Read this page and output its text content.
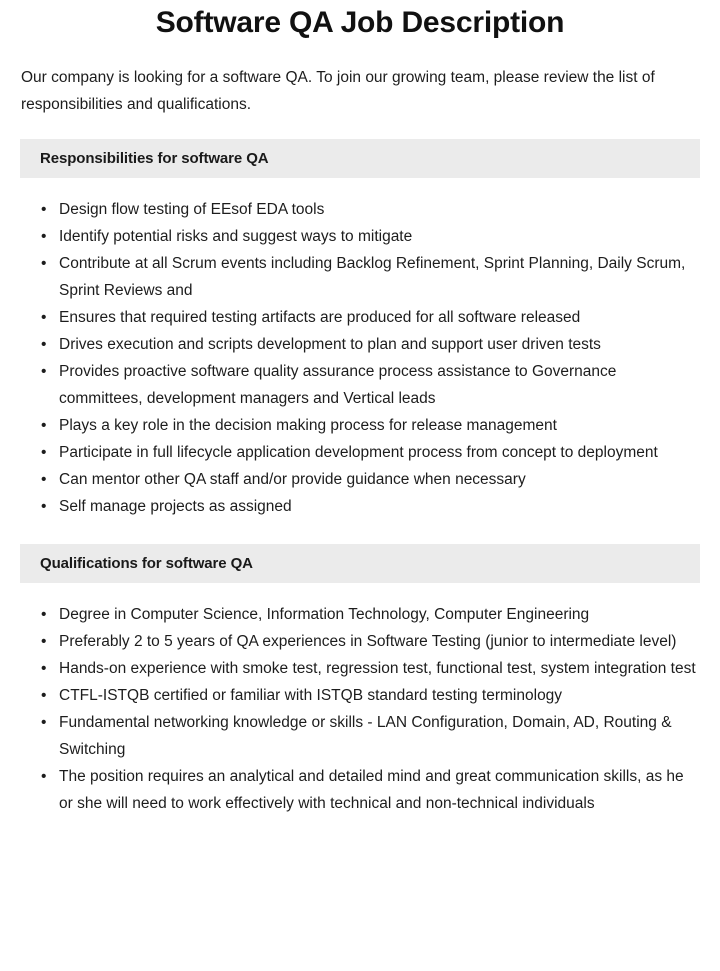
Software QA Job Description

Our company is looking for a software QA. To join our growing team, please review the list of responsibilities and qualifications.

Responsibilities for software QA
• Design flow testing of EEsof EDA tools
• Identify potential risks and suggest ways to mitigate
• Contribute at all Scrum events including Backlog Refinement, Sprint Planning, Daily Scrum, Sprint Reviews and
• Ensures that required testing artifacts are produced for all software released
• Drives execution and scripts development to plan and support user driven tests
• Provides proactive software quality assurance process assistance to Governance committees, development managers and Vertical leads
• Plays a key role in the decision making process for release management
• Participate in full lifecycle application development process from concept to deployment
• Can mentor other QA staff and/or provide guidance when necessary
• Self manage projects as assigned
Qualifications for software QA
• Degree in Computer Science, Information Technology, Computer Engineering
• Preferably 2 to 5 years of QA experiences in Software Testing (junior to intermediate level)
• Hands-on experience with smoke test, regression test, functional test, system integration test
• CTFL-ISTQB certified or familiar with ISTQB standard testing terminology
• Fundamental networking knowledge or skills - LAN Configuration, Domain, AD, Routing & Switching
• The position requires an analytical and detailed mind and great communication skills, as he or she will need to work effectively with technical and non-technical individuals
